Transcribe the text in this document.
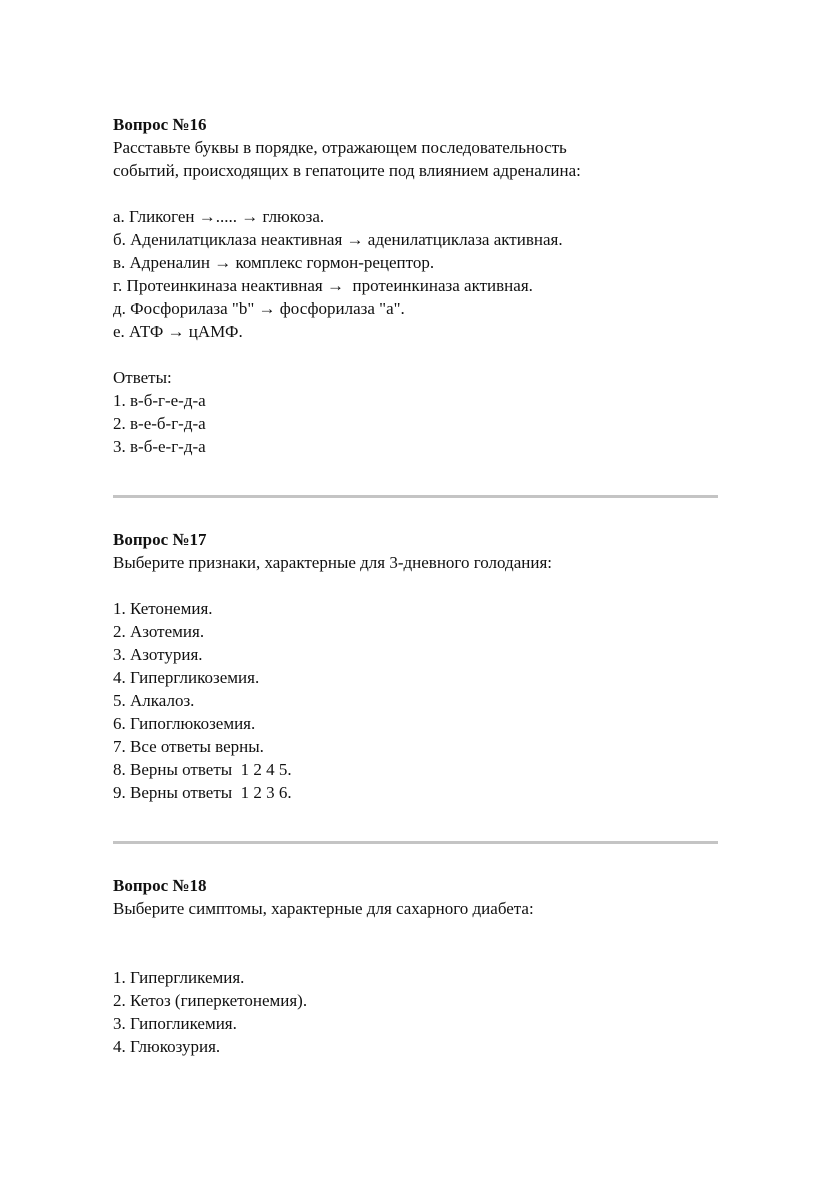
Вопрос №16

Расставьте буквы в порядке, отражающем последовательность

событий, происходящих в гепатоците под влиянием адреналина:

а. Гликоген →..... → глюкоза.

б. Аденилатциклаза неактивная → аденилатциклаза активная.

в. Адреналин → комплекс гормон-рецептор.

г. Протеинкиназа неактивная →  протеинкиназа активная.

д. Фосфорилаза "b" → фосфорилаза "a".

е. АТФ → цАМФ.

Ответы:

1. в-б-г-е-д-а

2. в-е-б-г-д-а

3. в-б-е-г-д-а

Вопрос №17

Выберите признаки, характерные для 3-дневного голодания:

1. Кетонемия.

2. Азотемия.

3. Азотурия.

4. Гипергликоземия.

5. Алкалоз.

6. Гипоглюкоземия.

7. Все ответы верны.

8. Верны ответы  1 2 4 5.

9. Верны ответы  1 2 3 6.

Вопрос №18

Выберите симптомы, характерные для сахарного диабета:

1. Гипергликемия.

2. Кетоз (гиперкетонемия).

3. Гипогликемия.

4. Глюкозурия.
